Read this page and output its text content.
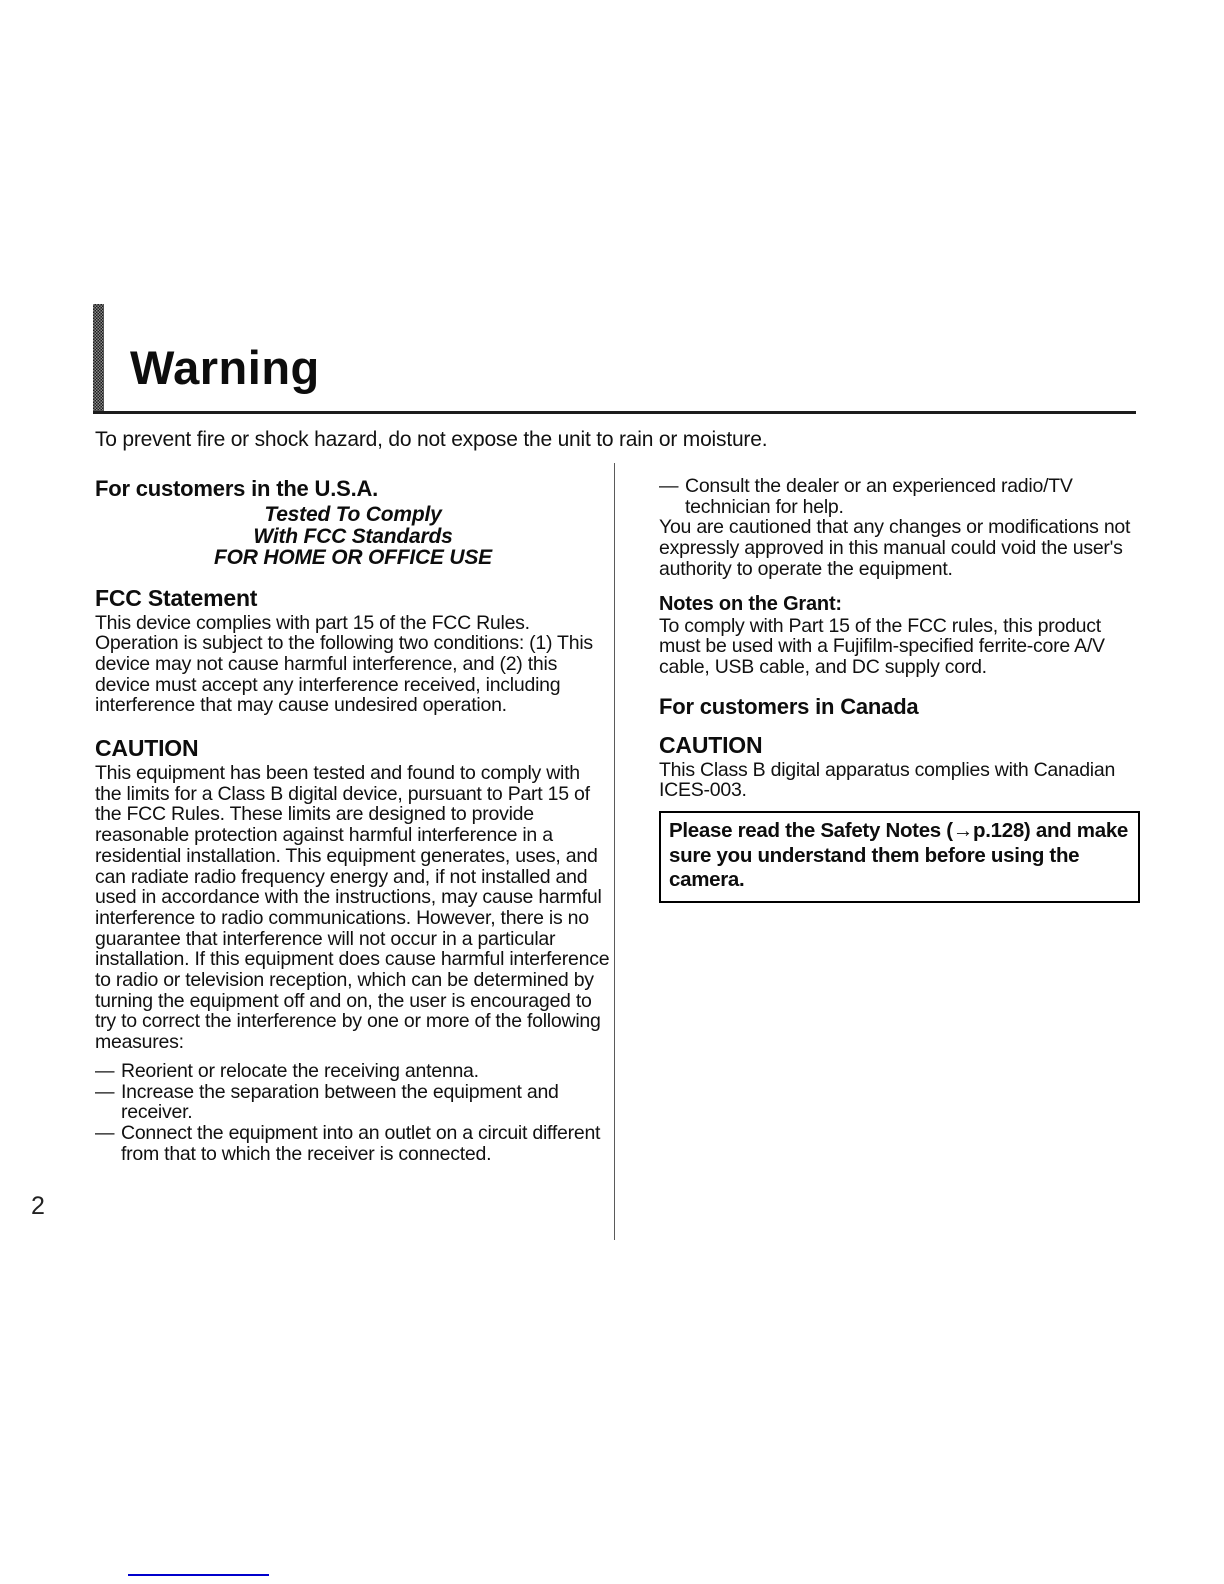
Warning
To prevent fire or shock hazard, do not expose the unit to rain or moisture.
For customers in the U.S.A.
Tested To Comply
With FCC Standards
FOR HOME OR OFFICE USE
FCC Statement
This device complies with part 15 of the FCC Rules. Operation is subject to the following two conditions: (1) This device may not cause harmful interference, and (2) this device must accept any interference received, including interference that may cause undesired operation.
CAUTION
This equipment has been tested and found to comply with the limits for a Class B digital device, pursuant to Part 15 of the FCC Rules. These limits are designed to provide reasonable protection against harmful interference in a residential installation. This equipment generates, uses, and can radiate radio frequency energy and, if not installed and used in accordance with the instructions, may cause harmful interference to radio communications. However, there is no guarantee that interference will not occur in a particular installation. If this equipment does cause harmful interference to radio or television reception, which can be determined by turning the equipment off and on, the user is encouraged to try to correct the interference by one or more of the following measures:
— Reorient or relocate the receiving antenna.
— Increase the separation between the equipment and receiver.
— Connect the equipment into an outlet on a circuit different from that to which the receiver is connected.
— Consult the dealer or an experienced radio/TV technician for help.
You are cautioned that any changes or modifications not expressly approved in this manual could void the user's authority to operate the equipment.
Notes on the Grant:
To comply with Part 15 of the FCC rules, this product must be used with a Fujifilm-specified ferrite-core A/V cable, USB cable, and DC supply cord.
For customers in Canada
CAUTION
This Class B digital apparatus complies with Canadian ICES-003.
Please read the Safety Notes (→p.128) and make sure you understand them before using the camera.
2
